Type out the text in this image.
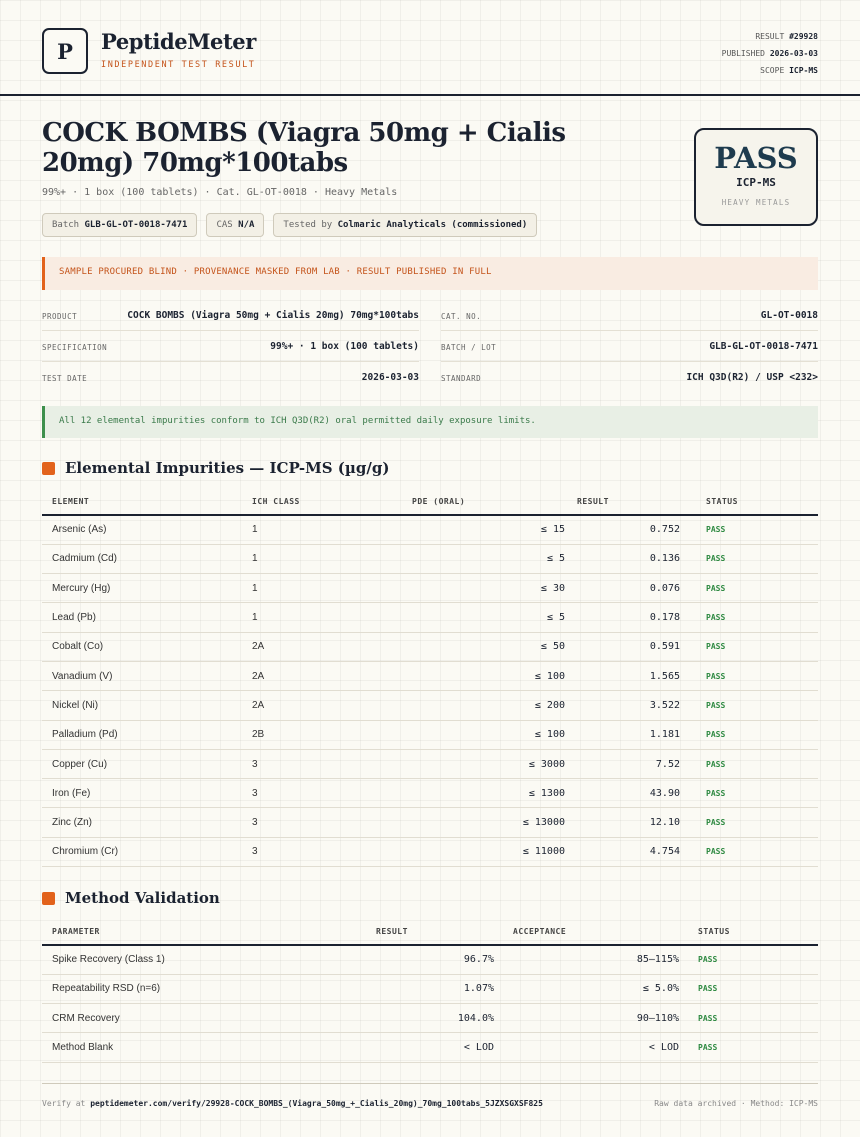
P	PeptideMeter
INDEPENDENT TEST RESULT
RESULT #29928
PUBLISHED 2026-03-03
SCOPE ICP-MS
COCK BOMBS (Viagra 50mg + Cialis 20mg) 70mg*100tabs
99%+ · 1 box (100 tablets) · Cat. GL-OT-0018 · Heavy Metals
Batch GLB-GL-OT-0018-7471	CAS N/A	Tested by Colmaric Analyticals (commissioned)
PASS
ICP-MS
HEAVY METALS
SAMPLE PROCURED BLIND · PROVENANCE MASKED FROM LAB · RESULT PUBLISHED IN FULL
PRODUCT	COCK BOMBS (Viagra 50mg + Cialis 20mg) 70mg*100tabs
SPECIFICATION	99%+ · 1 box (100 tablets)
TEST DATE	2026-03-03
CAT. NO.	GL-OT-0018
BATCH / LOT	GLB-GL-OT-0018-7471
STANDARD	ICH Q3D(R2) / USP <232>
All 12 elemental impurities conform to ICH Q3D(R2) oral permitted daily exposure limits.
Elemental Impurities — ICP-MS (µg/g)
ELEMENT	ICH CLASS	PDE (ORAL)	RESULT	STATUS
Arsenic (As)	1	≤ 15	0.752	PASS
Cadmium (Cd)	1	≤ 5	0.136	PASS
Mercury (Hg)	1	≤ 30	0.076	PASS
Lead (Pb)	1	≤ 5	0.178	PASS
Cobalt (Co)	2A	≤ 50	0.591	PASS
Vanadium (V)	2A	≤ 100	1.565	PASS
Nickel (Ni)	2A	≤ 200	3.522	PASS
Palladium (Pd)	2B	≤ 100	1.181	PASS
Copper (Cu)	3	≤ 3000	7.52	PASS
Iron (Fe)	3	≤ 1300	43.90	PASS
Zinc (Zn)	3	≤ 13000	12.10	PASS
Chromium (Cr)	3	≤ 11000	4.754	PASS
Method Validation
PARAMETER	RESULT	ACCEPTANCE	STATUS
Spike Recovery (Class 1)	96.7%	85–115%	PASS
Repeatability RSD (n=6)	1.07%	≤ 5.0%	PASS
CRM Recovery	104.0%	90–110%	PASS
Method Blank	< LOD	< LOD	PASS
Verify at peptidemeter.com/verify/29928-COCK_BOMBS_(Viagra_50mg_+_Cialis_20mg)_70mg_100tabs_5JZXSGXSF825	Raw data archived · Method: ICP-MS
